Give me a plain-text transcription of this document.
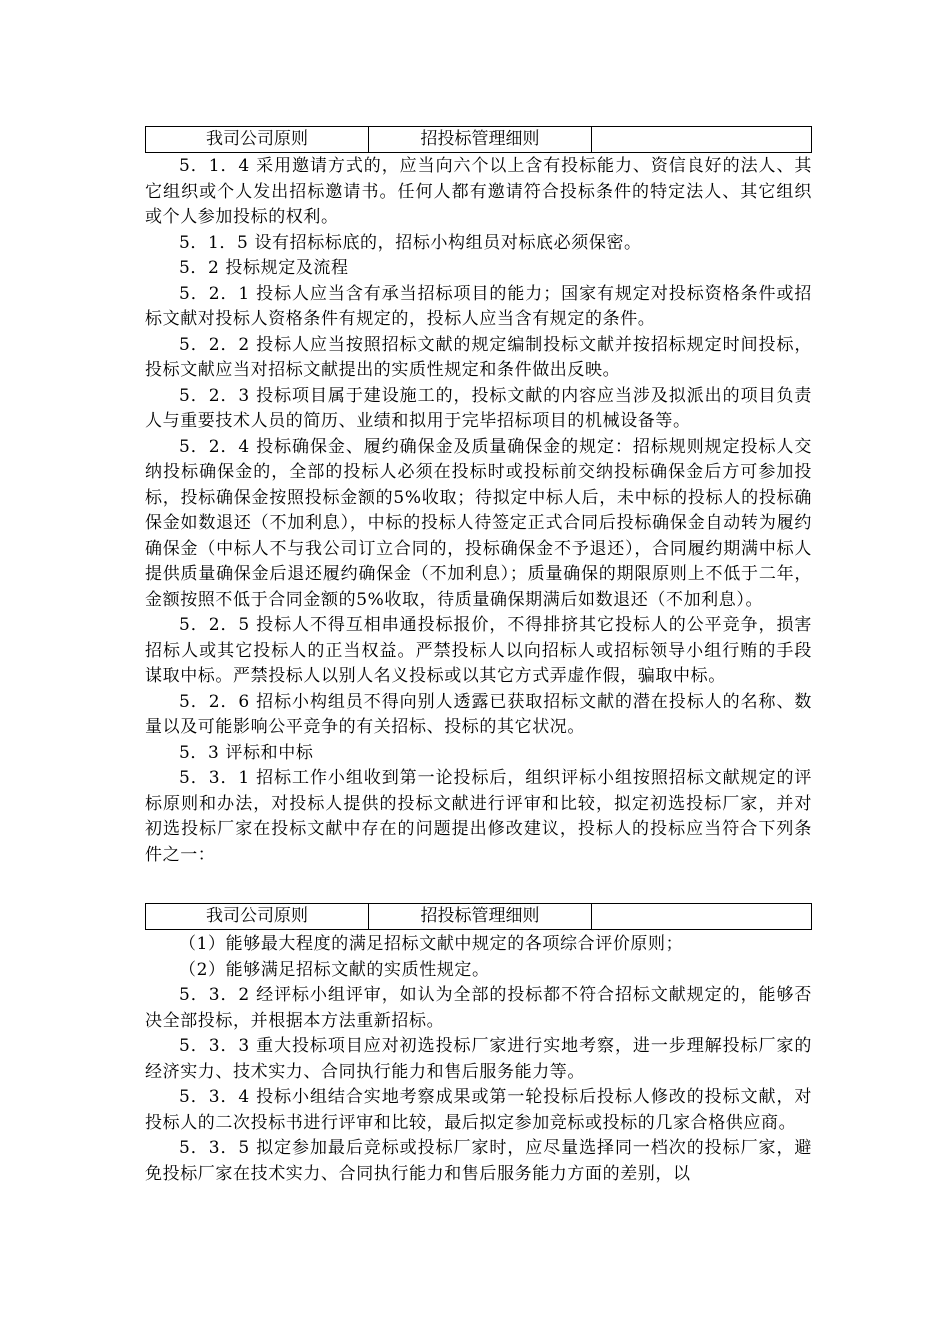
我司公司原则	招投标管理细则

5．1．4 采用邀请方式的，应当向六个以上含有投标能力、资信良好的法人、其它组织或个人发出招标邀请书。任何人都有邀请符合投标条件的特定法人、其它组织或个人参加投标的权利。

5．1．5 设有招标标底的，招标小构组员对标底必须保密。

5．2 投标规定及流程

5．2．1 投标人应当含有承当招标项目的能力；国家有规定对投标资格条件或招标文献对投标人资格条件有规定的，投标人应当含有规定的条件。

5．2．2 投标人应当按照招标文献的规定编制投标文献并按招标规定时间投标，投标文献应当对招标文献提出的实质性规定和条件做出反映。

5．2．3 投标项目属于建设施工的，投标文献的内容应当涉及拟派出的项目负责人与重要技术人员的简历、业绩和拟用于完毕招标项目的机械设备等。

5．2．4 投标确保金、履约确保金及质量确保金的规定：招标规则规定投标人交纳投标确保金的，全部的投标人必须在投标时或投标前交纳投标确保金后方可参加投标，投标确保金按照投标金额的5%收取；待拟定中标人后，未中标的投标人的投标确保金如数退还（不加利息），中标的投标人待签定正式合同后投标确保金自动转为履约确保金（中标人不与我公司订立合同的，投标确保金不予退还），合同履约期满中标人提供质量确保金后退还履约确保金（不加利息）；质量确保的期限原则上不低于二年，金额按照不低于合同金额的5%收取，待质量确保期满后如数退还（不加利息）。

5．2．5 投标人不得互相串通投标报价，不得排挤其它投标人的公平竞争，损害招标人或其它投标人的正当权益。严禁投标人以向招标人或招标领导小组行贿的手段谋取中标。严禁投标人以别人名义投标或以其它方式弄虚作假，骗取中标。

5．2．6 招标小构组员不得向别人透露已获取招标文献的潜在投标人的名称、数量以及可能影响公平竞争的有关招标、投标的其它状况。

5．3 评标和中标

5．3．1 招标工作小组收到第一论投标后，组织评标小组按照招标文献规定的评标原则和办法，对投标人提供的投标文献进行评审和比较，拟定初选投标厂家，并对初选投标厂家在投标文献中存在的问题提出修改建议，投标人的投标应当符合下列条件之一：

我司公司原则	招投标管理细则

（1）能够最大程度的满足招标文献中规定的各项综合评价原则；

（2）能够满足招标文献的实质性规定。

5．3．2 经评标小组评审，如认为全部的投标都不符合招标文献规定的，能够否决全部投标，并根据本方法重新招标。

5．3．3 重大投标项目应对初选投标厂家进行实地考察，进一步理解投标厂家的经济实力、技术实力、合同执行能力和售后服务能力等。

5．3．4 投标小组结合实地考察成果或第一轮投标后投标人修改的投标文献，对投标人的二次投标书进行评审和比较，最后拟定参加竞标或投标的几家合格供应商。

5．3．5 拟定参加最后竞标或投标厂家时，应尽量选择同一档次的投标厂家，避免投标厂家在技术实力、合同执行能力和售后服务能力方面的差别，以
